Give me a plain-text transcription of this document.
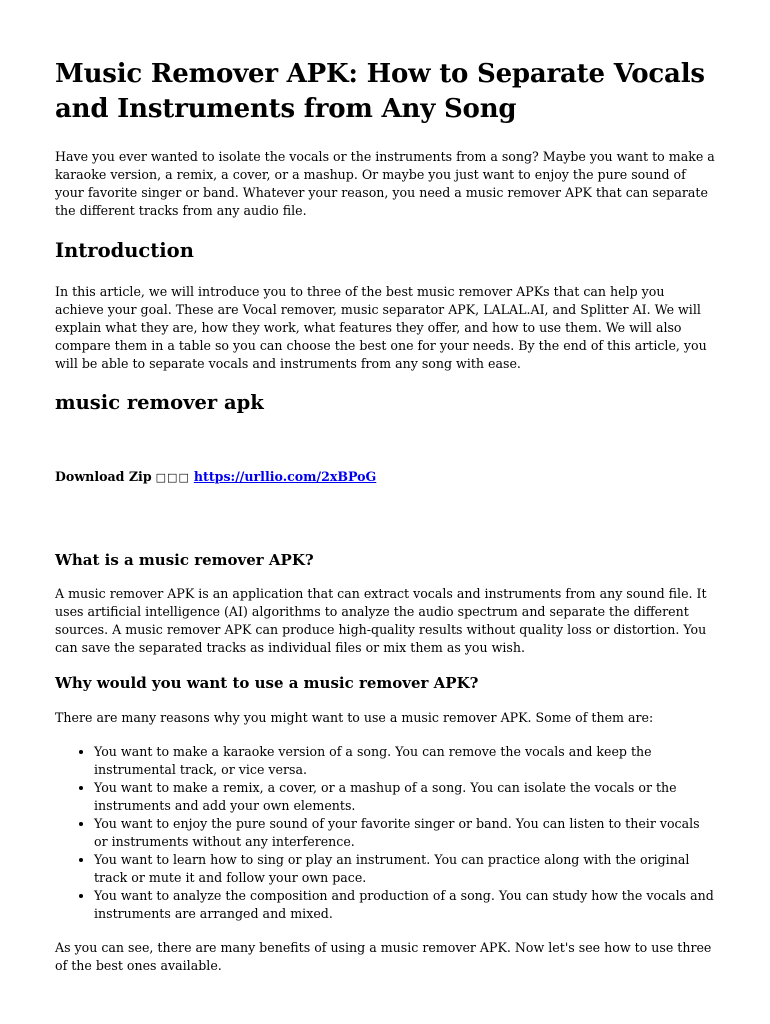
Music Remover APK: How to Separate Vocals and Instruments from Any Song

Have you ever wanted to isolate the vocals or the instruments from a song? Maybe you want to make a karaoke version, a remix, a cover, or a mashup. Or maybe you just want to enjoy the pure sound of your favorite singer or band. Whatever your reason, you need a music remover APK that can separate the different tracks from any audio file.

Introduction

In this article, we will introduce you to three of the best music remover APKs that can help you achieve your goal. These are Vocal remover, music separator APK, LALAL.AI, and Splitter AI. We will explain what they are, how they work, what features they offer, and how to use them. We will also compare them in a table so you can choose the best one for your needs. By the end of this article, you will be able to separate vocals and instruments from any song with ease.

music remover apk
Download Zip □□□ https://urllio.com/2xBPoG
What is a music remover APK?

A music remover APK is an application that can extract vocals and instruments from any sound file. It uses artificial intelligence (AI) algorithms to analyze the audio spectrum and separate the different sources. A music remover APK can produce high-quality results without quality loss or distortion. You can save the separated tracks as individual files or mix them as you wish.

Why would you want to use a music remover APK?

There are many reasons why you might want to use a music remover APK. Some of them are:

• You want to make a karaoke version of a song. You can remove the vocals and keep the instrumental track, or vice versa.
• You want to make a remix, a cover, or a mashup of a song. You can isolate the vocals or the instruments and add your own elements.
• You want to enjoy the pure sound of your favorite singer or band. You can listen to their vocals or instruments without any interference.
• You want to learn how to sing or play an instrument. You can practice along with the original track or mute it and follow your own pace.
• You want to analyze the composition and production of a song. You can study how the vocals and instruments are arranged and mixed.

As you can see, there are many benefits of using a music remover APK. Now let's see how to use three of the best ones available.
